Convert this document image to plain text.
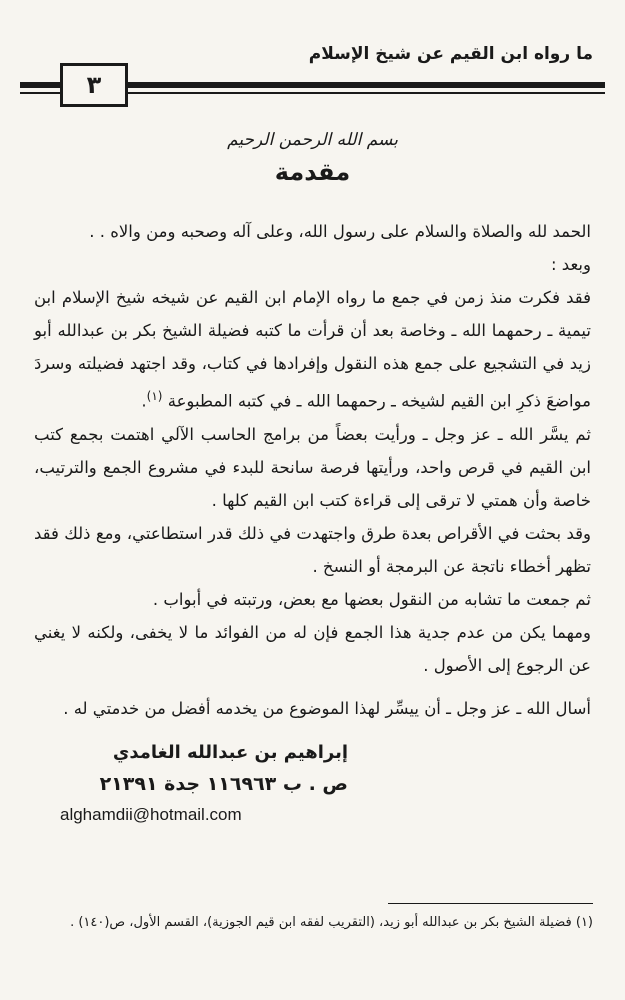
ما رواه ابن القيم عن شيخ الإسلام
٣
بسم الله الرحمن الرحيم
مقدمة

الحمد لله والصلاة والسلام على رسول الله، وعلى آله وصحبه ومن والاه . .

وبعد :

فقد فكرت منذ زمن في جمع ما رواه الإمام ابن القيم عن شيخه شيخ الإسلام ابن تيمية ـ رحمهما الله ـ وخاصة بعد أن قرأت ما كتبه فضيلة الشيخ بكر بن عبدالله أبو زيد في التشجيع على جمع هذه النقول وإفرادها في كتاب، وقد اجتهد فضيلته وسردَ مواضعَ ذكرِ ابن القيم لشيخه ـ رحمهما الله ـ في كتبه المطبوعة $^{(١)}$.

ثم يسَّر الله ـ عز وجل ـ ورأيت بعضاً من برامج الحاسب الآلي اهتمت بجمع كتب ابن القيم في قرص واحد، ورأيتها فرصة سانحة للبدء في مشروع الجمع والترتيب، خاصة وأن همتي لا ترقى إلى قراءة كتب ابن القيم كلها .

وقد بحثت في الأقراص بعدة طرق واجتهدت في ذلك قدر استطاعتي، ومع ذلك فقد تظهر أخطاء ناتجة عن البرمجة أو النسخ .

ثم جمعت ما تشابه من النقول بعضها مع بعض، ورتبته في أبواب .

ومهما يكن من عدم جدية هذا الجمع فإن له من الفوائد ما لا يخفى، ولكنه لا يغني عن الرجوع إلى الأصول .

أسال الله ـ عز وجل ـ أن ييسِّر لهذا الموضوع من يخدمه أفضل من خدمتي له .

إبراهيم بن عبدالله الغامدي
ص . ب ١١٦٩٦٣ جدة ٢١٣٩١
alghamdii@hotmail.com
(١) فضيلة الشيخ بكر بن عبدالله أبو زيد، (التقريب لفقه ابن قيم الجوزية)، القسم الأول، ص(١٤٠) .
